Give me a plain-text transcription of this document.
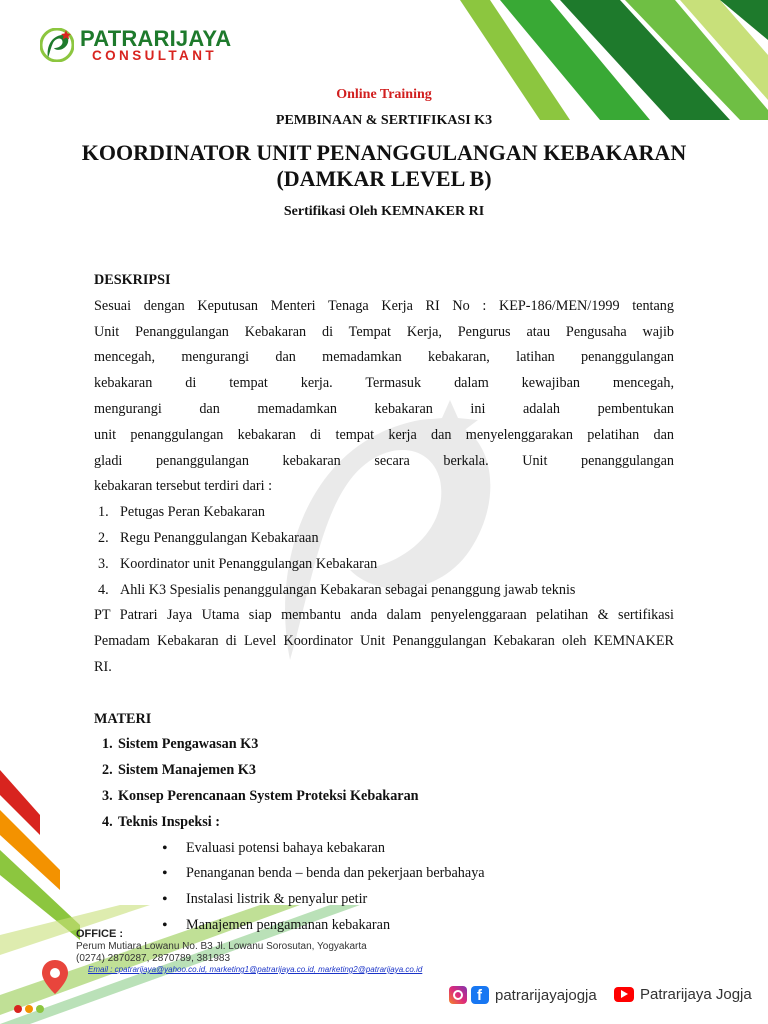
PATRARIJAYA
CONSULTANT
Online Training
PEMBINAAN & SERTIFIKASI K3
KOORDINATOR UNIT PENANGGULANGAN KEBAKARAN
(DAMKAR LEVEL B)
Sertifikasi Oleh KEMNAKER RI
DESKRIPSI
Sesuai dengan Keputusan Menteri Tenaga Kerja RI No : KEP-186/MEN/1999 tentang
Unit Penanggulangan Kebakaran di Tempat Kerja, Pengurus atau Pengusaha wajib
mencegah, mengurangi dan memadamkan kebakaran, latihan penanggulangan
kebakaran di tempat kerja. Termasuk dalam kewajiban mencegah,
mengurangi dan memadamkan kebakaran ini adalah pembentukan
unit penanggulangan kebakaran di tempat kerja dan menyelenggarakan pelatihan dan
gladi penanggulangan kebakaran secara berkala. Unit penanggulangan
kebakaran tersebut terdiri dari :
1. Petugas Peran Kebakaran
2. Regu Penanggulangan Kebakaraan
3. Koordinator unit Penanggulangan Kebakaran
4. Ahli K3 Spesialis penanggulangan Kebakaran sebagai penanggung jawab teknis
PT Patrari Jaya Utama siap membantu anda dalam penyelenggaraan pelatihan & sertifikasi
Pemadam Kebakaran di Level Koordinator Unit Penanggulangan Kebakaran oleh KEMNAKER
RI.
MATERI
1. Sistem Pengawasan K3
2. Sistem Manajemen K3
3. Konsep Perencanaan System Proteksi Kebakaran
4. Teknis Inspeksi :
• Evaluasi potensi bahaya kebakaran
• Penanganan benda – benda dan pekerjaan berbahaya
• Instalasi listrik & penyalur petir
• Manajemen pengamanan kebakaran
OFFICE :
Perum Mutiara Lowanu No. B3 Jl. Lowanu Sorosutan, Yogyakarta
(0274) 2870287, 2870789, 381983
Email : cpatrarijaya@yahoo.co.id, marketing1@patrarijaya.co.id, marketing2@patrarijaya.co.id
f patrarijayajogja	Patrarijaya Jogja
